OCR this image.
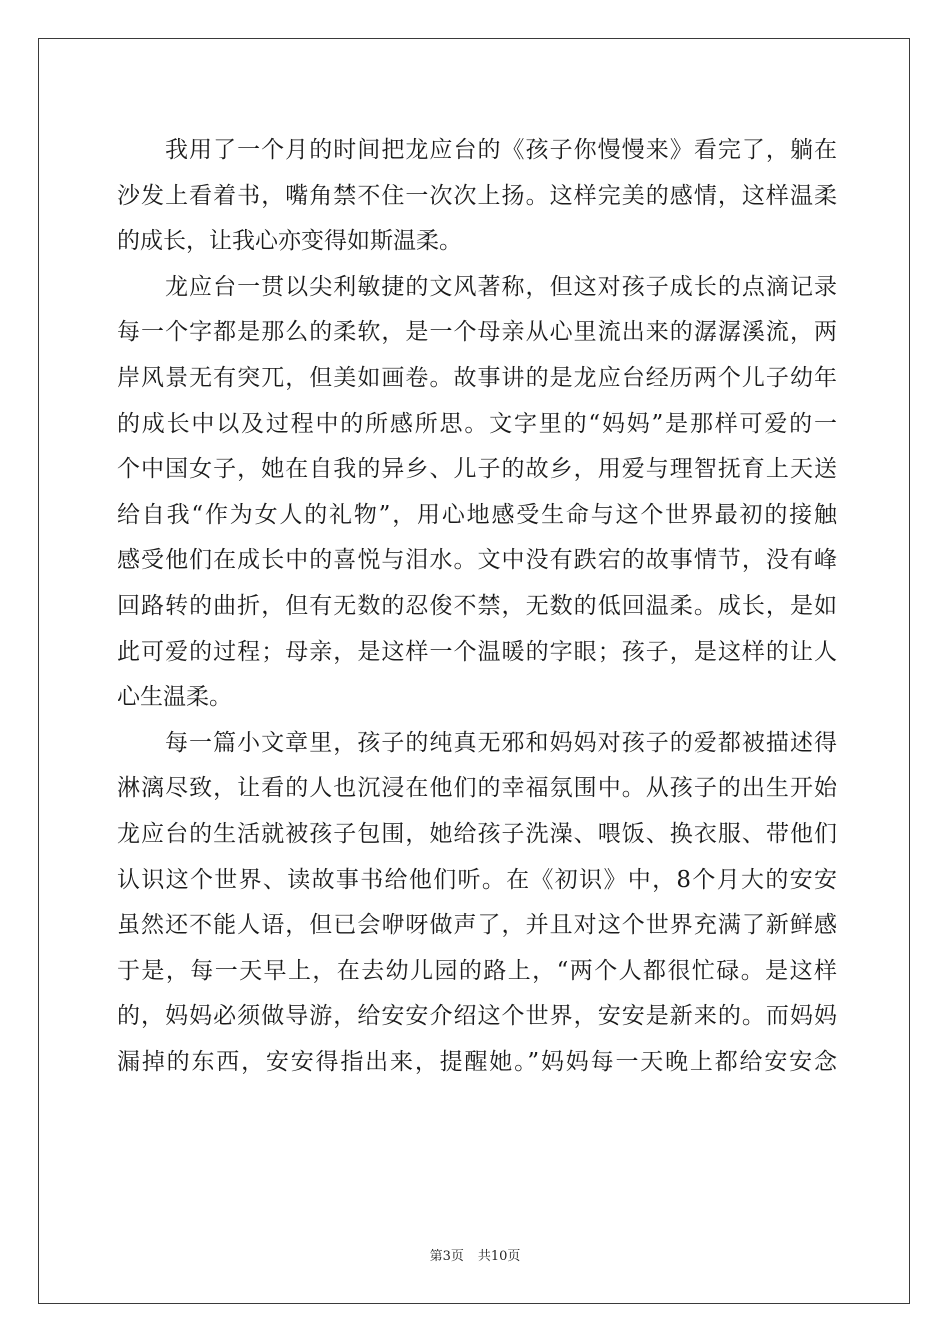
我用了一个月的时间把龙应台的《孩子你慢慢来》看完了，躺在
沙发上看着书，嘴角禁不住一次次上扬。这样完美的感情，这样温柔
的成长，让我心亦变得如斯温柔。
龙应台一贯以尖利敏捷的文风著称，但这对孩子成长的点滴记录
每一个字都是那么的柔软，是一个母亲从心里流出来的潺潺溪流，两
岸风景无有突兀，但美如画卷。故事讲的是龙应台经历两个儿子幼年
的成长中以及过程中的所感所思。文字里的“妈妈”是那样可爱的一
个中国女子，她在自我的异乡、儿子的故乡，用爱与理智抚育上天送
给自我“作为女人的礼物”，用心地感受生命与这个世界最初的接触
感受他们在成长中的喜悦与泪水。文中没有跌宕的故事情节，没有峰
回路转的曲折，但有无数的忍俊不禁，无数的低回温柔。成长，是如
此可爱的过程；母亲，是这样一个温暖的字眼；孩子，是这样的让人
心生温柔。
每一篇小文章里，孩子的纯真无邪和妈妈对孩子的爱都被描述得
淋漓尽致，让看的人也沉浸在他们的幸福氛围中。从孩子的出生开始
龙应台的生活就被孩子包围，她给孩子洗澡、喂饭、换衣服、带他们
认识这个世界、读故事书给他们听。在《初识》中，8个月大的安安
虽然还不能人语，但已会咿呀做声了，并且对这个世界充满了新鲜感
于是，每一天早上，在去幼儿园的路上，“两个人都很忙碌。是这样
的，妈妈必须做导游，给安安介绍这个世界，安安是新来的。而妈妈
漏掉的东西，安安得指出来，提醒她。”妈妈每一天晚上都给安安念
第3页 共10页
